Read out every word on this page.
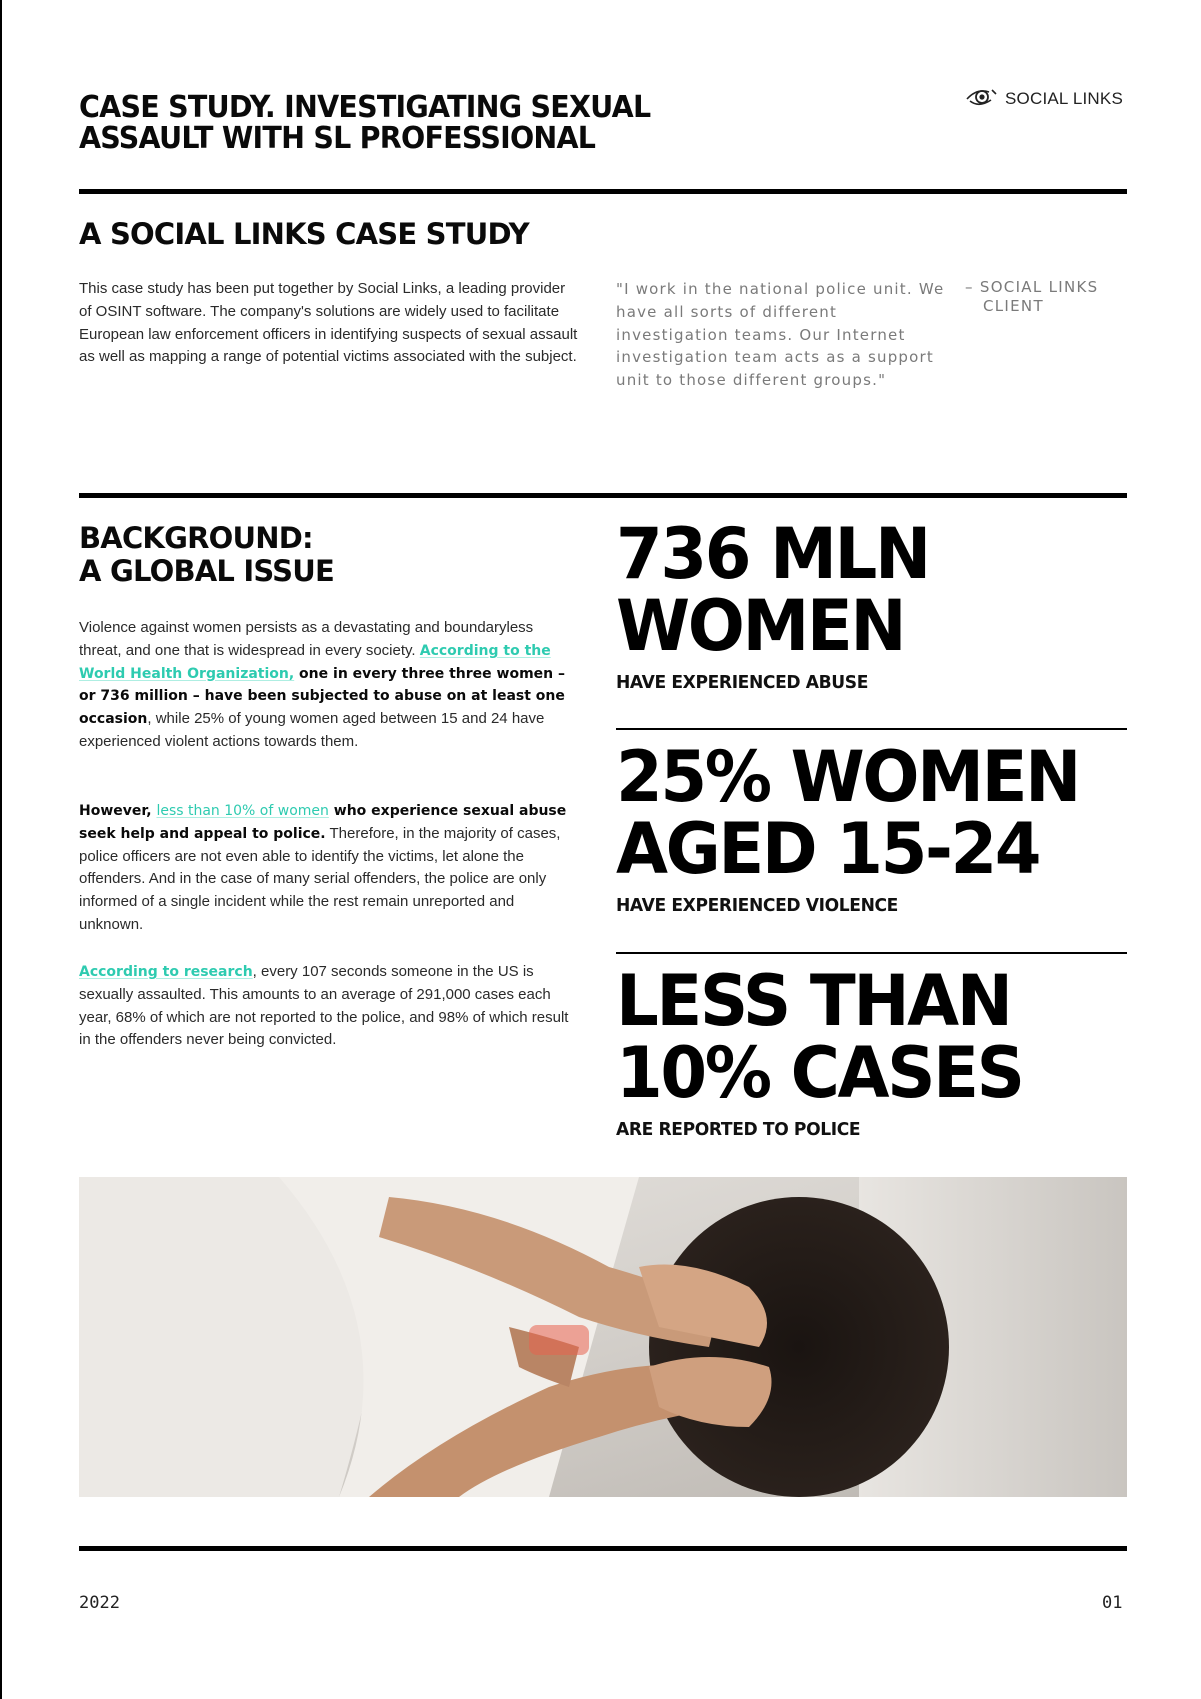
CASE STUDY. INVESTIGATING SEXUAL
ASSAULT WITH SL PROFESSIONAL
SOCIAL LINKS
A SOCIAL LINKS CASE STUDY
This case study has been put together by Social Links, a leading provider of OSINT software. The company's solutions are widely used to facilitate European law enforcement officers in identifying suspects of sexual assault as well as mapping a range of potential victims associated with the subject.
"I work in the national police unit. We have all sorts of different investigation teams. Our Internet investigation team acts as a support unit to those different groups."
– SOCIAL LINKS
CLIENT
BACKGROUND:
A GLOBAL ISSUE
Violence against women persists as a devastating and boundaryless threat, and one that is widespread in every society. According to the World Health Organization, one in every three three women – or 736 million – have been subjected to abuse on at least one occasion, while 25% of young women aged between 15 and 24 have experienced violent actions towards them.
However, less than 10% of women who experience sexual abuse seek help and appeal to police. Therefore, in the majority of cases, police officers are not even able to identify the victims, let alone the offenders. And in the case of many serial offenders, the police are only informed of a single incident while the rest remain unreported and unknown.
According to research, every 107 seconds someone in the US is sexually assaulted. This amounts to an average of 291,000 cases each year, 68% of which are not reported to the police, and 98% of which result in the offenders never being convicted.
736 MLN
WOMEN
HAVE EXPERIENCED ABUSE
25% WOMEN
AGED 15-24
HAVE EXPERIENCED VIOLENCE
LESS THAN
10% CASES
ARE REPORTED TO POLICE
2022	01
